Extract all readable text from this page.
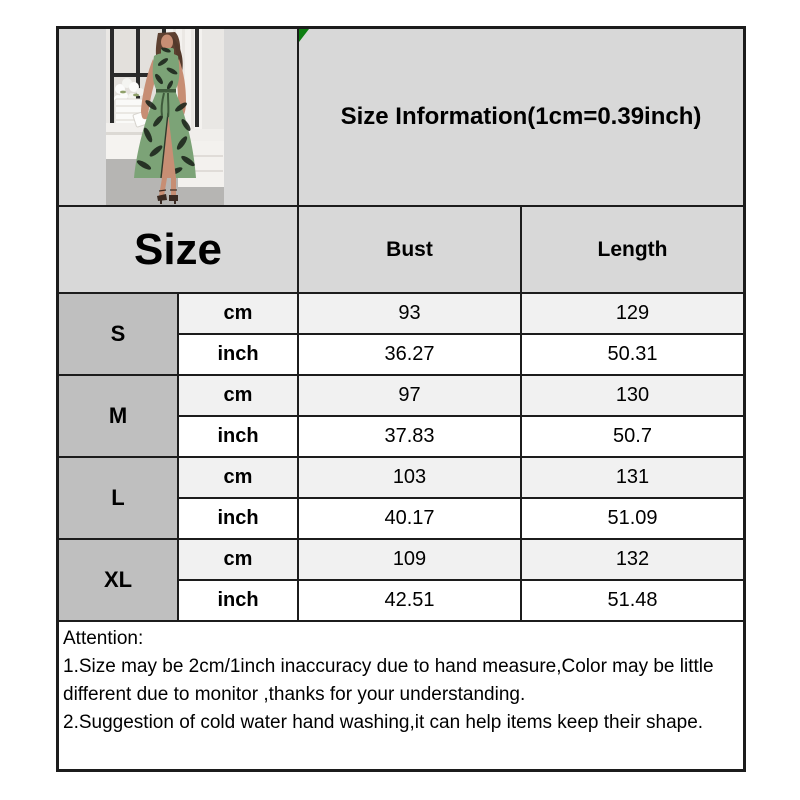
Size Information(1cm=0.39inch)
Size	Bust	Length
S
cm	93	129
inch	36.27	50.31
M
cm	97	130
inch	37.83	50.7
L
cm	103	131
inch	40.17	51.09
XL
cm	109	132
inch	42.51	51.48
Attention:
1.Size may be 2cm/1inch inaccuracy due to hand measure,Color may be little
different due to monitor ,thanks for your understanding.
2.Suggestion of cold water hand washing,it can help items keep their shape.
